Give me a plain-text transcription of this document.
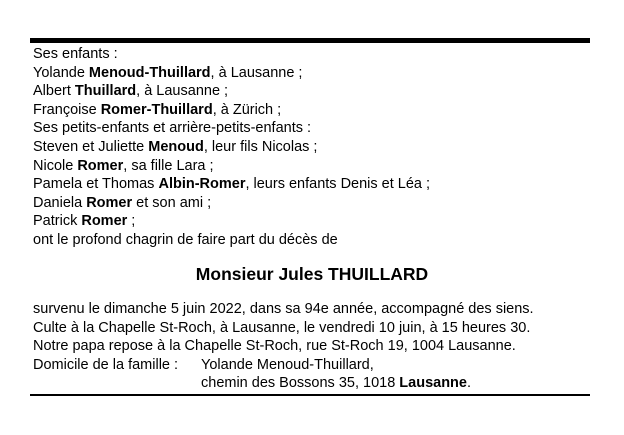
Ses enfants :
Yolande Menoud-Thuillard, à Lausanne ;
Albert Thuillard, à Lausanne ;
Françoise Romer-Thuillard, à Zürich ;
Ses petits-enfants et arrière-petits-enfants :
Steven et Juliette Menoud, leur fils Nicolas ;
Nicole Romer, sa fille Lara ;
Pamela et Thomas Albin-Romer, leurs enfants Denis et Léa ;
Daniela Romer et son ami ;
Patrick Romer ;
ont le profond chagrin de faire part du décès de
Monsieur Jules THUILLARD
survenu le dimanche 5 juin 2022, dans sa 94e année, accompagné des siens.
Culte à la Chapelle St-Roch, à Lausanne, le vendredi 10 juin, à 15 heures 30.
Notre papa repose à la Chapelle St-Roch, rue St-Roch 19, 1004 Lausanne.
Domicile de la famille : Yolande Menoud-Thuillard,
chemin des Bossons 35, 1018 Lausanne.
